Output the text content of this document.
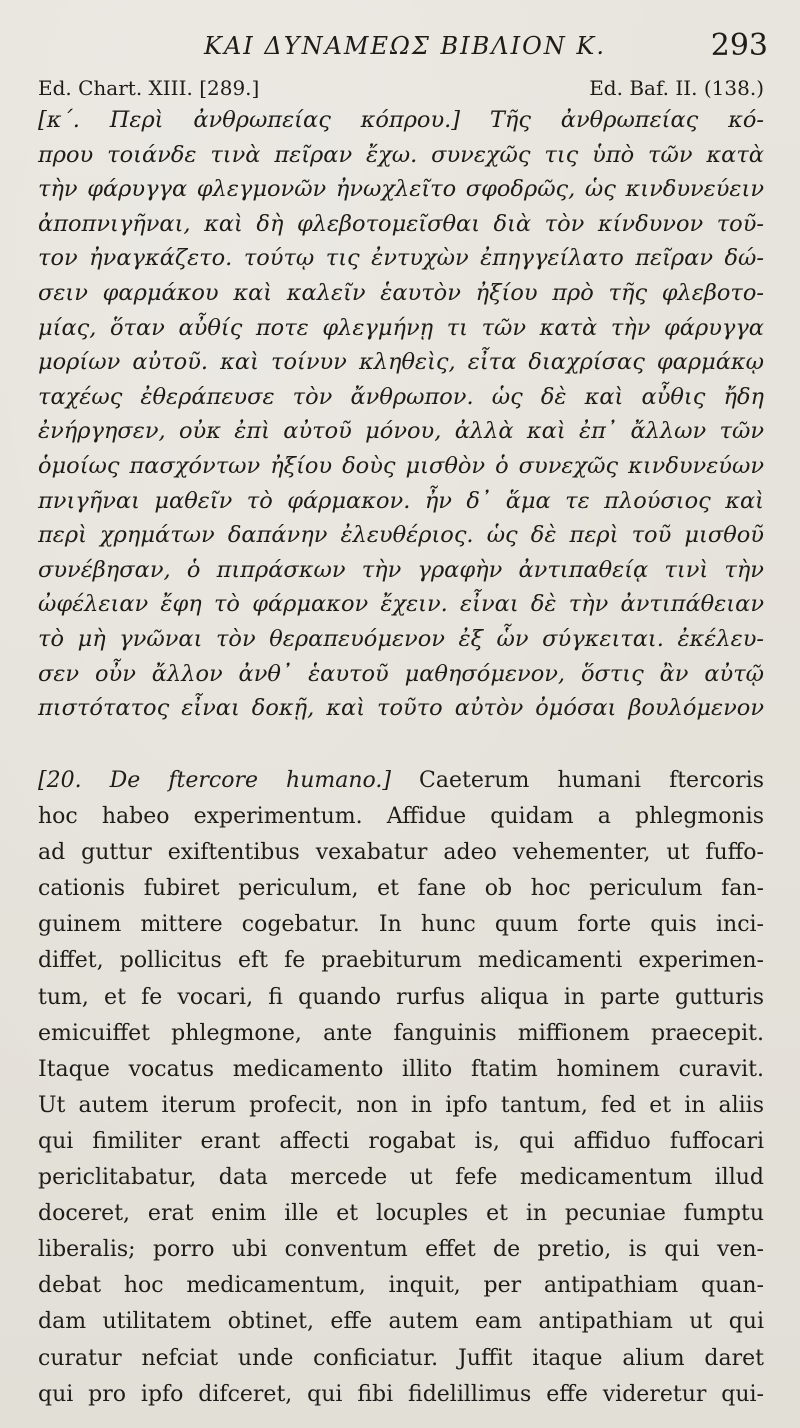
ΚΑΙ ΔΥΝΑΜΕΩΣ ΒΙΒΛΙΟΝ Κ.	293
Ed. Chart. XIII. [289.]	Ed. Baf. II. (138.)
[κ΄. Περὶ ἀνθρωπείας κόπρου.] Τῆς ἀνθρωπείας κό-
πρου τοιάνδε τινὰ πεῖραν ἔχω. συνεχῶς τις ὑπὸ τῶν κατὰ
τὴν φάρυγγα φλεγμονῶν ἠνωχλεῖτο σφοδρῶς, ὡς κινδυνεύειν
ἀποπνιγῆναι, καὶ δὴ φλεβοτομεῖσθαι διὰ τὸν κίνδυνον τοῦ-
τον ἠναγκάζετο. τούτῳ τις ἐντυχὼν ἐπηγγείλατο πεῖραν δώ-
σειν φαρμάκου καὶ καλεῖν ἑαυτὸν ἠξίου πρὸ τῆς φλεβοτο-
μίας, ὅταν αὖθίς ποτε φλεγμήνῃ τι τῶν κατὰ τὴν φάρυγγα
μορίων αὐτοῦ. καὶ τοίνυν κληθεὶς, εἶτα διαχρίσας φαρμάκῳ
ταχέως ἐθεράπευσε τὸν ἄνθρωπον. ὡς δὲ καὶ αὖθις ἤδη
ἐνήργησεν, οὐκ ἐπὶ αὐτοῦ μόνου, ἀλλὰ καὶ ἐπ᾽ ἄλλων τῶν
ὁμοίως πασχόντων ἠξίου δοὺς μισθὸν ὁ συνεχῶς κινδυνεύων
πνιγῆναι μαθεῖν τὸ φάρμακον. ἦν δ᾽ ἅμα τε πλούσιος καὶ
περὶ χρημάτων δαπάνην ἐλευθέριος. ὡς δὲ περὶ τοῦ μισθοῦ
συνέβησαν, ὁ πιπράσκων τὴν γραφὴν ἀντιπαθείᾳ τινὶ τὴν
ὠφέλειαν ἔφη τὸ φάρμακον ἔχειν. εἶναι δὲ τὴν ἀντιπάθειαν
τὸ μὴ γνῶναι τὸν θεραπευόμενον ἐξ ὧν σύγκειται. ἐκέλευ-
σεν οὖν ἄλλον ἀνθ᾽ ἑαυτοῦ μαθησόμενον, ὅστις ἂν αὐτῷ
πιστότατος εἶναι δοκῇ, καὶ τοῦτο αὐτὸν ὀμόσαι βουλόμενον
[20. De ftercore humano.] Caeterum humani ftercoris
hoc habeo experimentum. Affidue quidam a phlegmonis
ad guttur exiftentibus vexabatur adeo vehementer, ut fuffo-
cationis fubiret periculum, et fane ob hoc periculum fan-
guinem mittere cogebatur. In hunc quum forte quis inci-
diffet, pollicitus eft fe praebiturum medicamenti experimen-
tum, et fe vocari, fi quando rurfus aliqua in parte gutturis
emicuiffet phlegmone, ante fanguinis miffionem praecepit.
Itaque vocatus medicamento illito ftatim hominem curavit.
Ut autem iterum profecit, non in ipfo tantum, fed et in aliis
qui fimiliter erant affecti rogabat is, qui affiduo fuffocari
periclitabatur, data mercede ut fefe medicamentum illud
doceret, erat enim ille et locuples et in pecuniae fumptu
liberalis; porro ubi conventum effet de pretio, is qui ven-
debat hoc medicamentum, inquit, per antipathiam quan-
dam utilitatem obtinet, effe autem eam antipathiam ut qui
curatur nefciat unde conficiatur. Juffit itaque alium daret
qui pro ipfo difceret, qui fibi fidelillimus effe videretur qui-
